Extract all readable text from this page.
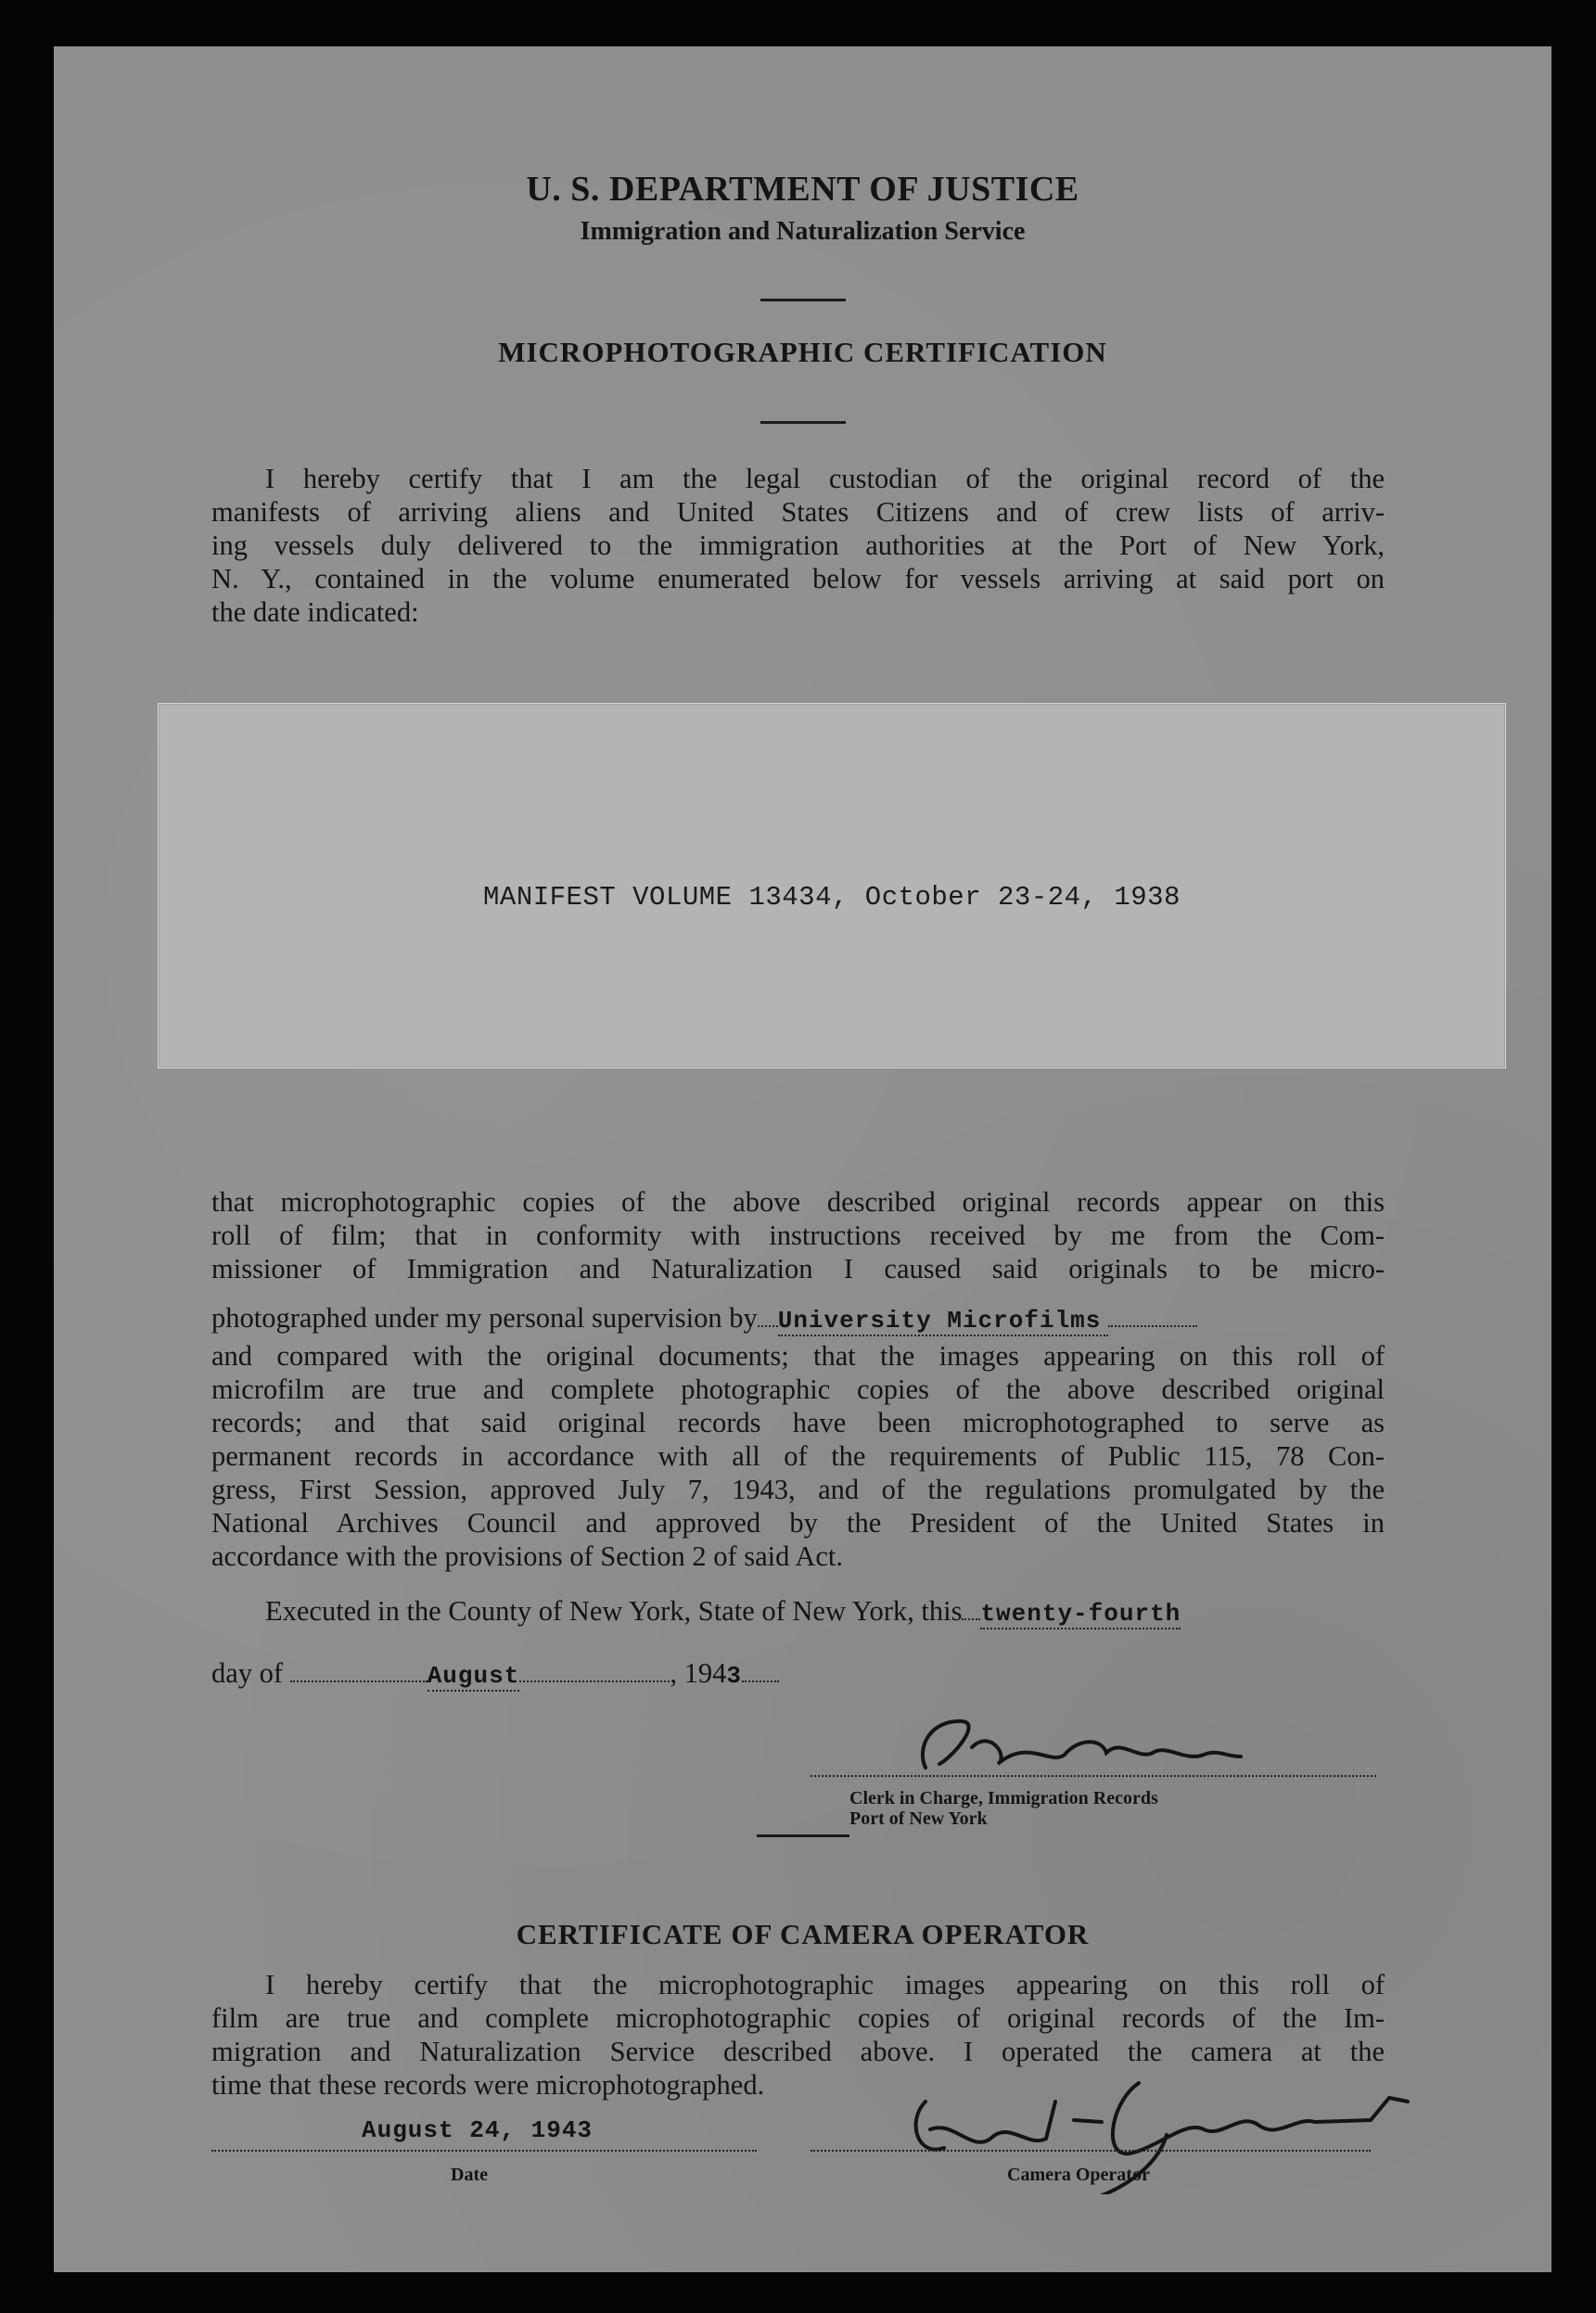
U. S. DEPARTMENT OF JUSTICE
Immigration and Naturalization Service
MICROPHOTOGRAPHIC CERTIFICATION
I hereby certify that I am the legal custodian of the original record of the
manifests of arriving aliens and United States Citizens and of crew lists of arriv-
ing vessels duly delivered to the immigration authorities at the Port of New York,
N. Y., contained in the volume enumerated below for vessels arriving at said port on
the date indicated:
MANIFEST VOLUME 13434, October 23-24, 1938
that microphotographic copies of the above described original records appear on this
roll of film; that in conformity with instructions received by me from the Com-
missioner of Immigration and Naturalization I caused said originals to be micro-
photographed under my personal supervision by University Microfilms
and compared with the original documents; that the images appearing on this roll of
microfilm are true and complete photographic copies of the above described original
records; and that said original records have been microphotographed to serve as
permanent records in accordance with all of the requirements of Public 115, 78 Con-
gress, First Session, approved July 7, 1943, and of the regulations promulgated by the
National Archives Council and approved by the President of the United States in
accordance with the provisions of Section 2 of said Act.
Executed in the County of New York, State of New York, this twenty-fourth
day of	August	, 1943
Clerk in Charge, Immigration Records
Port of New York
CERTIFICATE OF CAMERA OPERATOR
I hereby certify that the microphotographic images appearing on this roll of
film are true and complete microphotographic copies of original records of the Im-
migration and Naturalization Service described above. I operated the camera at the
time that these records were microphotographed.
August 24, 1943
Date	Camera Operator
